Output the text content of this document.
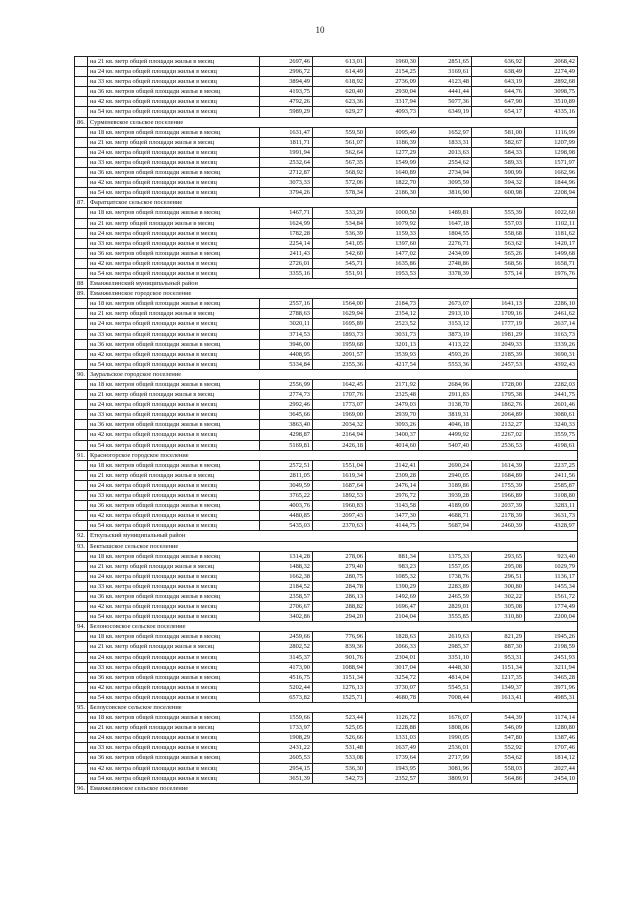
10
	на 21 кв. метр общей площади жилья в месяц	2697,46	613,01	1960,30	2851,65	636,92	2068,42
	на 24 кв. метра общей площади жилья в месяц	2996,72	614,49	2154,25	3169,61	638,49	2274,49
	на 33 кв. метра общей площади жилья в месяц	3894,49	618,92	2736,09	4123,48	643,19	2892,68
	на 36 кв. метров общей площади жилья в месяц	4193,75	620,40	2930,04	4441,44	644,76	3098,75
	на 42 кв. метра общей площади жилья в месяц	4792,26	623,36	3317,94	5077,36	647,90	3510,89
	на 54 кв. метра общей площади жилья в месяц	5989,29	629,27	4093,73	6349,19	654,17	4335,16
86.	Сурменевское сельское поселение						
	на 18 кв. метров общей площади жилья в месяц	1631,47	559,50	1095,49	1652,97	581,00	1116,99
	на 21 кв. метр общей площади жилья в месяц	1811,71	561,07	1186,39	1833,31	582,67	1207,99
	на 24 кв. метра общей площади жилья в месяц	1991,94	562,64	1277,29	2013,63	584,33	1298,98
	на 33 кв. метра общей площади жилья в месяц	2532,64	567,35	1549,99	2554,62	589,33	1571,97
	на 36 кв. метров общей площади жилья в месяц	2712,87	568,92	1640,89	2734,94	590,99	1662,96
	на 42 кв. метра общей площади жилья в месяц	3073,33	572,06	1822,70	3095,59	594,32	1844,96
	на 54 кв. метра общей площади жилья в месяц	3794,26	578,34	2186,30	3816,90	600,98	2208,94
87.	Фаратцатское сельское поселение						
	на 18 кв. метров общей площади жилья в месяц	1467,71	533,29	1000,50	1489,81	555,39	1022,60
	на 21 кв. метр общей площади жилья в месяц	1624,99	534,84	1079,92	1647,18	557,03	1102,11
	на 24 кв. метра общей площади жилья в месяц	1782,28	536,39	1159,33	1804,55	558,68	1181,62
	на 33 кв. метра общей площади жилья в месяц	2254,14	541,05	1397,60	2276,71	563,62	1420,17
	на 36 кв. метров общей площади жилья в месяц	2411,43	542,60	1477,02	2434,09	565,26	1499,68
	на 42 кв. метра общей площади жилья в месяц	2726,01	545,71	1635,86	2748,86	568,56	1658,71
	на 54 кв. метра общей площади жилья в месяц	3355,16	551,91	1953,53	3378,39	575,14	1976,76
88	Еманжелинский муниципальный район						
89.	Еманжелинское городское поселение						
	на 18 кв. метров общей площади жилья в месяц	2557,16	1564,00	2184,73	2673,07	1641,13	2286,10
	на 21 кв. метр общей площади жилья в месяц	2788,63	1629,94	2354,12	2913,10	1709,16	2461,62
	на 24 кв. метра общей площади жилья в месяц	3020,11	1695,89	2523,52	3153,12	1777,19	2637,14
	на 33 кв. метра общей площади жилья в месяц	3714,53	1893,73	3031,73	3873,19	1981,29	3163,73
	на 36 кв. метров общей площади жилья в месяц	3946,00	1959,68	3201,13	4113,22	2049,33	3339,26
	на 42 кв. метра общей площади жилья в месяц	4408,95	2091,57	3539,93	4593,26	2185,39	3690,31
	на 54 кв. метра общей площади жилья в месяц	5334,84	2355,36	4217,54	5553,36	2457,53	4392,43
90.	Зауральское городское поселение						
	на 18 кв. метров общей площади жилья в месяц	2556,99	1642,45	2171,92	2684,96	1728,00	2282,03
	на 21 кв. метр общей площади жилья в месяц	2774,73	1707,76	2325,48	2911,83	1795,38	2441,75
	на 24 кв. метра общей площади жилья в месяц	2992,46	1773,07	2479,03	3138,70	1862,76	2601,46
	на 33 кв. метра общей площади жилья в месяц	3645,66	1969,00	2939,70	3819,31	2064,89	3080,61
	на 36 кв. метров общей площади жилья в месяц	3863,40	2034,32	3093,26	4046,18	2132,27	3240,33
	на 42 кв. метра общей площади жилья в месяц	4298,87	2164,94	3400,37	4499,92	2267,02	3559,75
	на 54 кв. метра общей площади жилья в месяц	5169,81	2426,18	4014,60	5407,40	2536,53	4198,61
91.	Красногорское городское поселение						
	на 18 кв. метров общей площади жилья в месяц	2572,51	1551,04	2142,41	2690,24	1614,39	2237,25
	на 21 кв. метр общей площади жилья в месяц	2811,05	1619,34	2309,28	2940,05	1684,89	2411,56
	на 24 кв. метра общей площади жилья в месяц	3049,59	1687,64	2476,14	3189,86	1755,39	2585,87
	на 33 кв. метра общей площади жилья в месяц	3765,22	1892,53	2976,72	3939,28	1966,89	3108,80
	на 36 кв. метров общей площади жилья в месяц	4003,76	1960,83	3143,58	4189,09	2037,39	3283,11
	на 42 кв. метра общей площади жилья в месяц	4480,85	2097,43	3477,30	4688,71	2178,39	3631,73
	на 54 кв. метра общей площади жилья в месяц	5435,03	2370,63	4144,75	5687,94	2460,39	4328,97
92.	Еткульский муниципальный район						
93.	Бектышское сельское поселение						
	на 18 кв. метров общей площади жилья в месяц	1314,28	278,06	881,34	1375,33	293,65	923,40
	на 21 кв. метр общей площади жилья в месяц	1488,32	279,40	983,23	1557,05	295,08	1029,79
	на 24 кв. метра общей площади жилья в месяц	1662,38	280,75	1085,32	1738,76	296,51	1136,17
	на 33 кв. метра общей площади жилья в месяц	2184,52	284,78	1390,29	2283,89	300,80	1455,34
	на 36 кв. метров общей площади жилья в месяц	2358,57	286,13	1492,69	2465,59	302,22	1561,72
	на 42 кв. метра общей площади жилья в месяц	2706,67	288,82	1696,47	2829,01	305,08	1774,49
	на 54 кв. метра общей площади жилья в месяц	3402,86	294,20	2104,04	3555,85	310,80	2200,04
94.	Белоносовское сельское поселение						
	на 18 кв. метров общей площади жилья в месяц	2459,66	776,96	1828,63	2619,63	821,29	1945,26
	на 21 кв. метр общей площади жилья в месяц	2802,52	839,36	2066,33	2985,37	887,30	2198,59
	на 24 кв. метра общей площади жилья в месяц	3145,37	901,76	2304,01	3351,10	953,31	2451,93
	на 33 кв. метра общей площади жилья в месяц	4173,90	1088,94	3017,04	4448,30	1151,34	3211,94
	на 36 кв. метров общей площади жилья в месяц	4516,75	1151,34	3254,72	4814,04	1217,35	3465,28
	на 42 кв. метра общей площади жилья в месяц	5202,44	1276,13	3730,07	5545,51	1349,37	3971,96
	на 54 кв. метра общей площади жилья в месяц	6573,82	1525,71	4680,78	7008,44	1613,41	4985,31
95.	Белоусовское сельское поселение						
	на 18 кв. метров общей площади жилья в месяц	1559,66	523,44	1126,72	1676,07	544,39	1174,14
	на 21 кв. метр общей площади жилья в месяц	1733,97	525,05	1228,88	1808,06	546,09	1280,80
	на 24 кв. метра общей площади жилья в месяц	1908,29	526,66	1331,03	1990,05	547,80	1387,46
	на 33 кв. метра общей площади жилья в месяц	2431,22	531,48	1637,49	2536,01	552,92	1707,46
	на 36 кв. метров общей площади жилья в месяц	2605,53	533,08	1739,64	2717,99	554,62	1814,12
	на 42 кв. метра общей площади жилья в месяц	2954,15	536,30	1943,95	3081,96	558,03	2027,44
	на 54 кв. метра общей площади жилья в месяц	3651,39	542,73	2352,57	3809,91	564,86	2454,10
96.	Еманжелинское сельское поселение						
